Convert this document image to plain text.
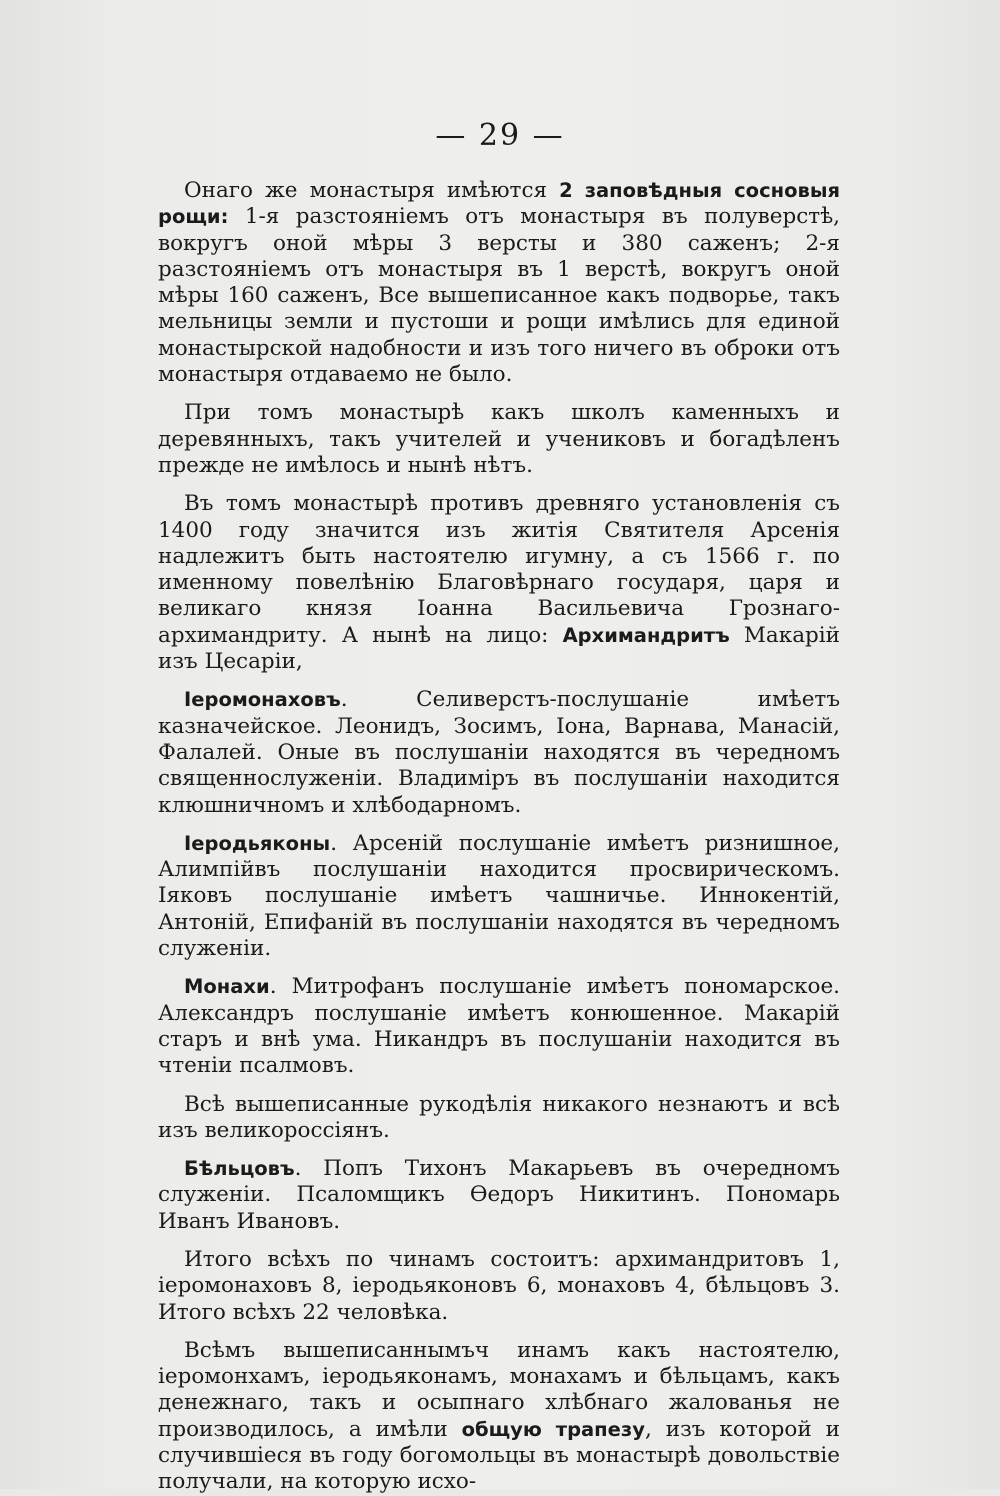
— 29 —

Онаго же монастыря имѣются 2 заповѣдныя сосновыя рощи: 1-я разстояніемъ отъ монастыря въ полуверстѣ, вокругъ оной мѣры 3 версты и 380 саженъ; 2-я разстояніемъ отъ монастыря въ 1 верстѣ, вокругъ оной мѣры 160 саженъ, Все вышеписанное какъ подворье, такъ мельницы земли и пустоши и рощи имѣлись для единой монастырской надобности и изъ того ничего въ оброки отъ монастыря отдаваемо не было.

При томъ монастырѣ какъ школъ каменныхъ и деревянныхъ, такъ учителей и учениковъ и богадѣленъ прежде не имѣлось и нынѣ нѣтъ.

Въ томъ монастырѣ противъ древняго установленія съ 1400 году значится изъ житія Святителя Арсенія надлежитъ быть настоятелю игумну, а съ 1566 г. по именному повелѣнію Благовѣрнаго государя, царя и великаго князя Іоанна Васильевича Грознаго-архимандриту. А нынѣ на лицо: Архимандритъ Макарій изъ Цесаріи,

Іеромонаховъ. Селиверстъ-послушаніе имѣетъ казначейское. Леонидъ, Зосимъ, Іона, Варнава, Манасій, Фалалей. Оные въ послушаніи находятся въ чередномъ священнослуженіи. Владиміръ въ послушаніи находится клюшничномъ и хлѣбодарномъ.

Іеродьяконы. Арсеній послушаніе имѣетъ ризнишное, Алимпійвъ послушаніи находится просвирическомъ. Іяковъ послушаніе имѣетъ чашничье. Иннокентій, Антоній, Епифаній въ послушаніи находятся въ чередномъ служеніи.

Монахи. Митрофанъ послушаніе имѣетъ пономарское. Александръ послушаніе имѣетъ конюшенное. Макарій старъ и внѣ ума. Никандръ въ послушаніи находится въ чтеніи псалмовъ.

Всѣ вышеписанные рукодѣлія никакого незнаютъ и всѣ изъ великороссіянъ.

Бѣльцовъ. Попъ Тихонъ Макарьевъ въ очередномъ служеніи. Псаломщикъ Ѳедоръ Никитинъ. Пономарь Иванъ Ивановъ.

Итого всѣхъ по чинамъ состоитъ: архимандритовъ 1, іеромонаховъ 8, іеродьяконовъ 6, монаховъ 4, бѣльцовъ 3. Итого всѣхъ 22 человѣка.

Всѣмъ вышеписаннымъч инамъ какъ настоятелю, іеромонхамъ, іеродьяконамъ, монахамъ и бѣльцамъ, какъ денежнаго, такъ и осыпнаго хлѣбнаго жалованья не производилось, а имѣли общую трапезу, изъ которой и случившіеся въ году богомольцы въ монастырѣ довольствіе получали, на которую исхо-
